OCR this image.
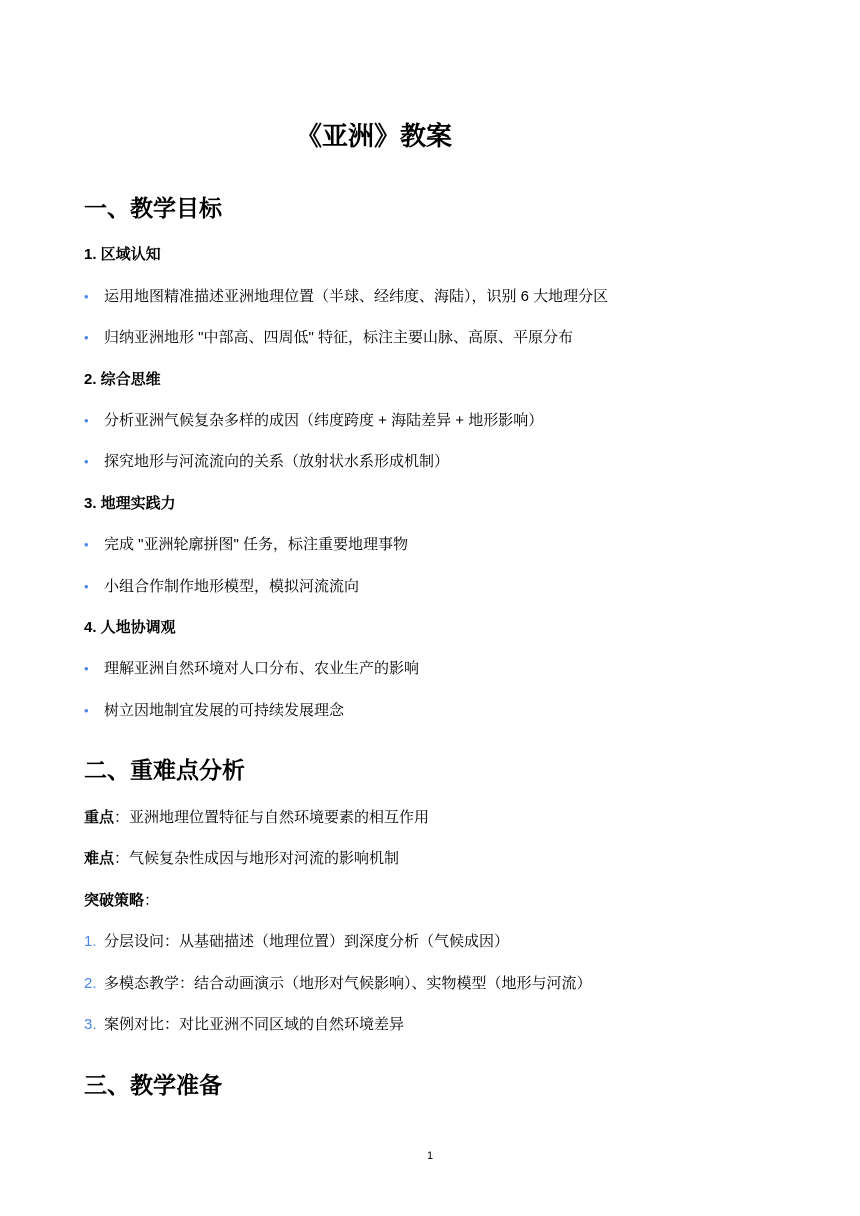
《亚洲》教案
一、教学目标
1. 区域认知
• 运用地图精准描述亚洲地理位置（半球、经纬度、海陆），识别 6 大地理分区
• 归纳亚洲地形 "中部高、四周低" 特征，标注主要山脉、高原、平原分布
2. 综合思维
• 分析亚洲气候复杂多样的成因（纬度跨度 + 海陆差异 + 地形影响）
• 探究地形与河流流向的关系（放射状水系形成机制）
3. 地理实践力
• 完成 "亚洲轮廓拼图" 任务，标注重要地理事物
• 小组合作制作地形模型，模拟河流流向
4. 人地协调观
• 理解亚洲自然环境对人口分布、农业生产的影响
• 树立因地制宜发展的可持续发展理念
二、重难点分析
重点：亚洲地理位置特征与自然环境要素的相互作用
难点：气候复杂性成因与地形对河流的影响机制
突破策略：
1. 分层设问：从基础描述（地理位置）到深度分析（气候成因）
2. 多模态教学：结合动画演示（地形对气候影响）、实物模型（地形与河流）
3. 案例对比：对比亚洲不同区域的自然环境差异
三、教学准备
1
